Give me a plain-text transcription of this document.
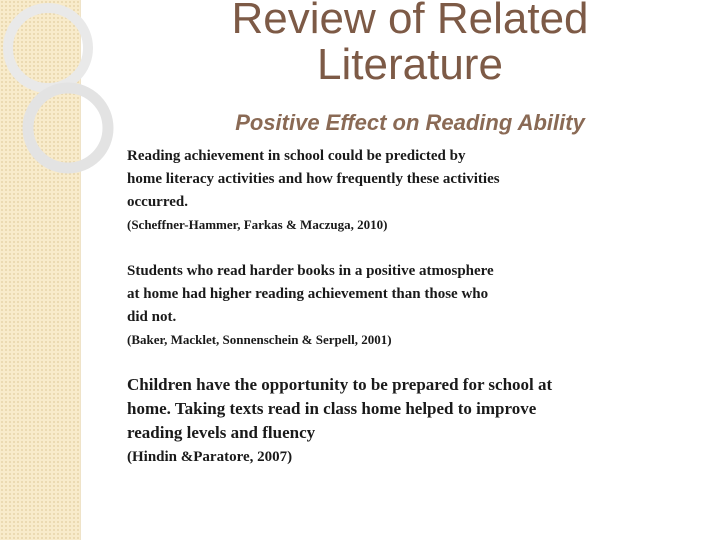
Review of Related
Literature
Positive Effect on Reading Ability
Reading achievement in school could be predicted by
home literacy activities and how frequently these activities
occurred.
(Scheffner-Hammer, Farkas & Maczuga, 2010)
Students who read harder books in a positive atmosphere
at home had higher reading achievement than those who
did not.
(Baker, Macklet, Sonnenschein & Serpell, 2001)
Children have the opportunity to be prepared for school at
home. Taking texts read in class home helped to improve
reading levels and fluency
(Hindin &Paratore, 2007)
